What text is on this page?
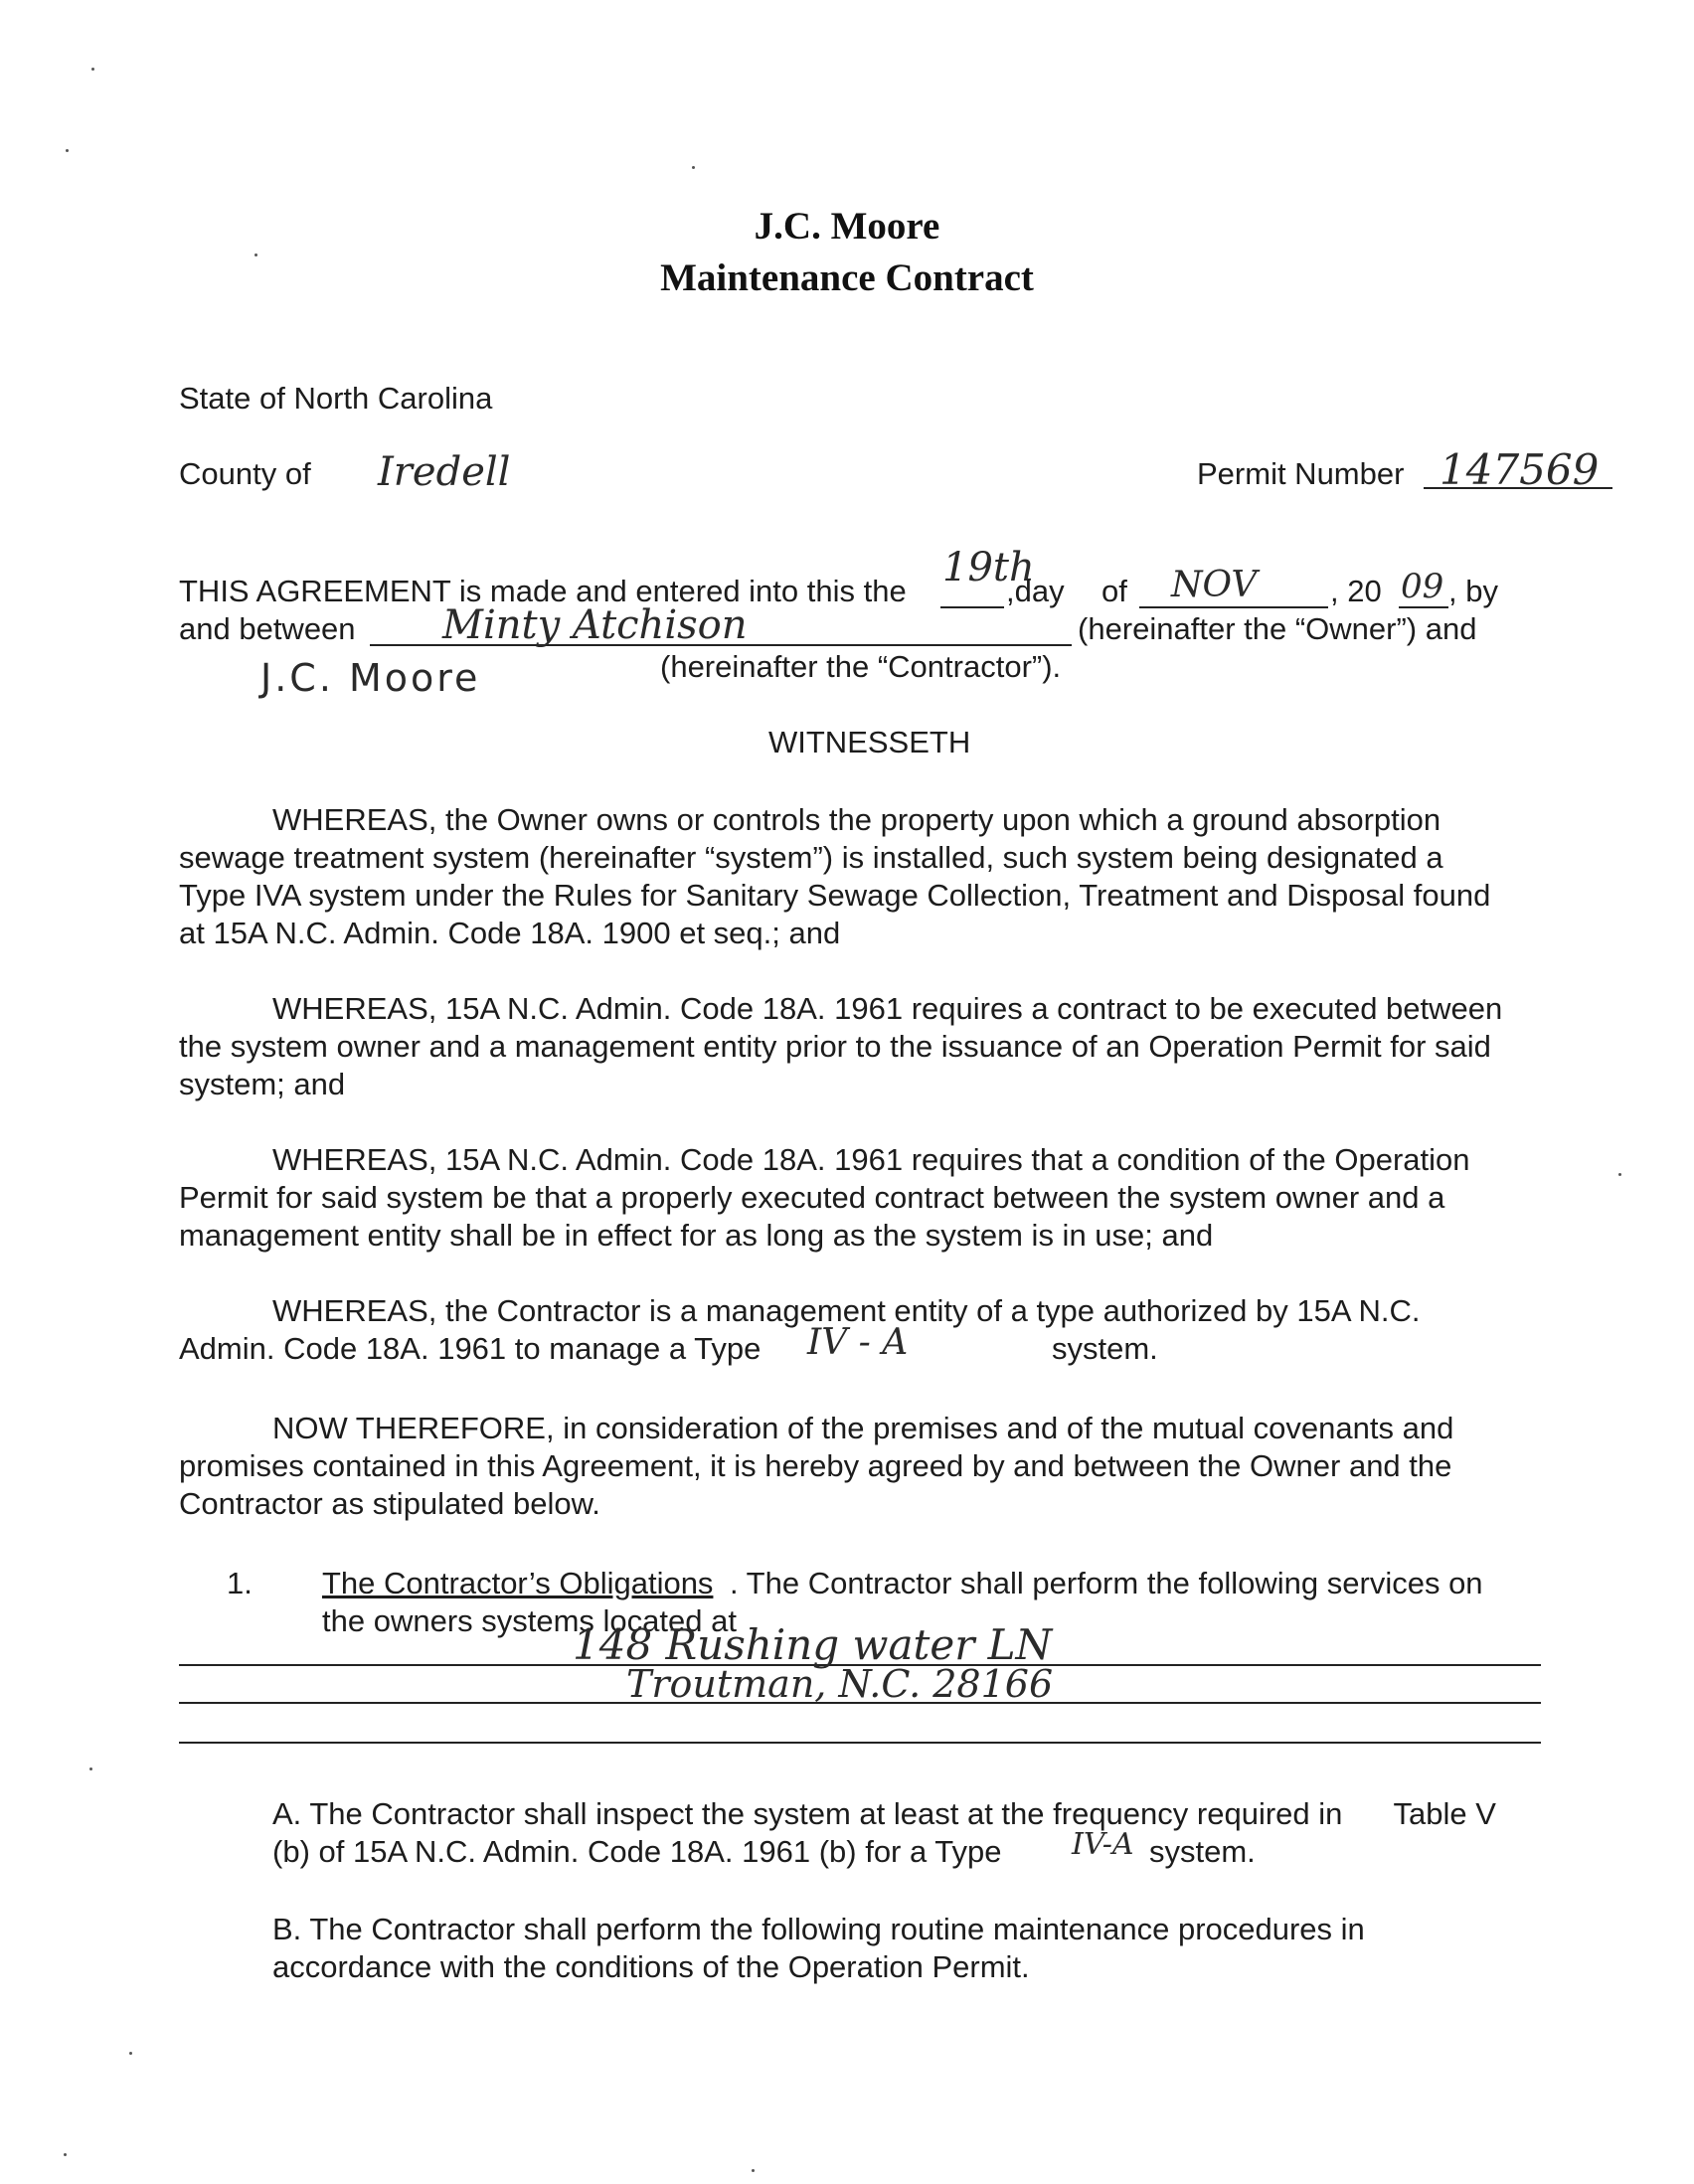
J.C. Moore
Maintenance Contract
State of North Carolina
County of Iredell	Permit Number 147569
THIS AGREEMENT is made and entered into this the
19th
,day of NOV , 20 09 , by
and between Minty Atchison	(hereinafter the “Owner”) and
J.C. Moore	(hereinafter the “Contractor”).
WITNESSETH
WHEREAS, the Owner owns or controls the property upon which a ground absorption
sewage treatment system (hereinafter “system”) is installed, such system being designated a
Type IVA system under the Rules for Sanitary Sewage Collection, Treatment and Disposal found
at 15A N.C. Admin. Code 18A. 1900 et seq.; and
WHEREAS, 15A N.C. Admin. Code 18A. 1961 requires a contract to be executed between
the system owner and a management entity prior to the issuance of an Operation Permit for said
system; and
WHEREAS, 15A N.C. Admin. Code 18A. 1961 requires that a condition of the Operation
Permit for said system be that a properly executed contract between the system owner and a
management entity shall be in effect for as long as the system is in use; and
WHEREAS, the Contractor is a management entity of a type authorized by 15A N.C.
Admin. Code 18A. 1961 to manage a Type IV - A	system.
NOW THEREFORE, in consideration of the premises and of the mutual covenants and
promises contained in this Agreement, it is hereby agreed by and between the Owner and the
Contractor as stipulated below.
1. The Contractor’s Obligations . The Contractor shall perform the following services on
the owners systems located at
148 Rushing water LN
Troutman, N.C. 28166
A. The Contractor shall inspect the system at least at the frequency required in      Table V
(b) of 15A N.C. Admin. Code 18A. 1961 (b) for a Type IV-A system.
B. The Contractor shall perform the following routine maintenance procedures in
accordance with the conditions of the Operation Permit.
